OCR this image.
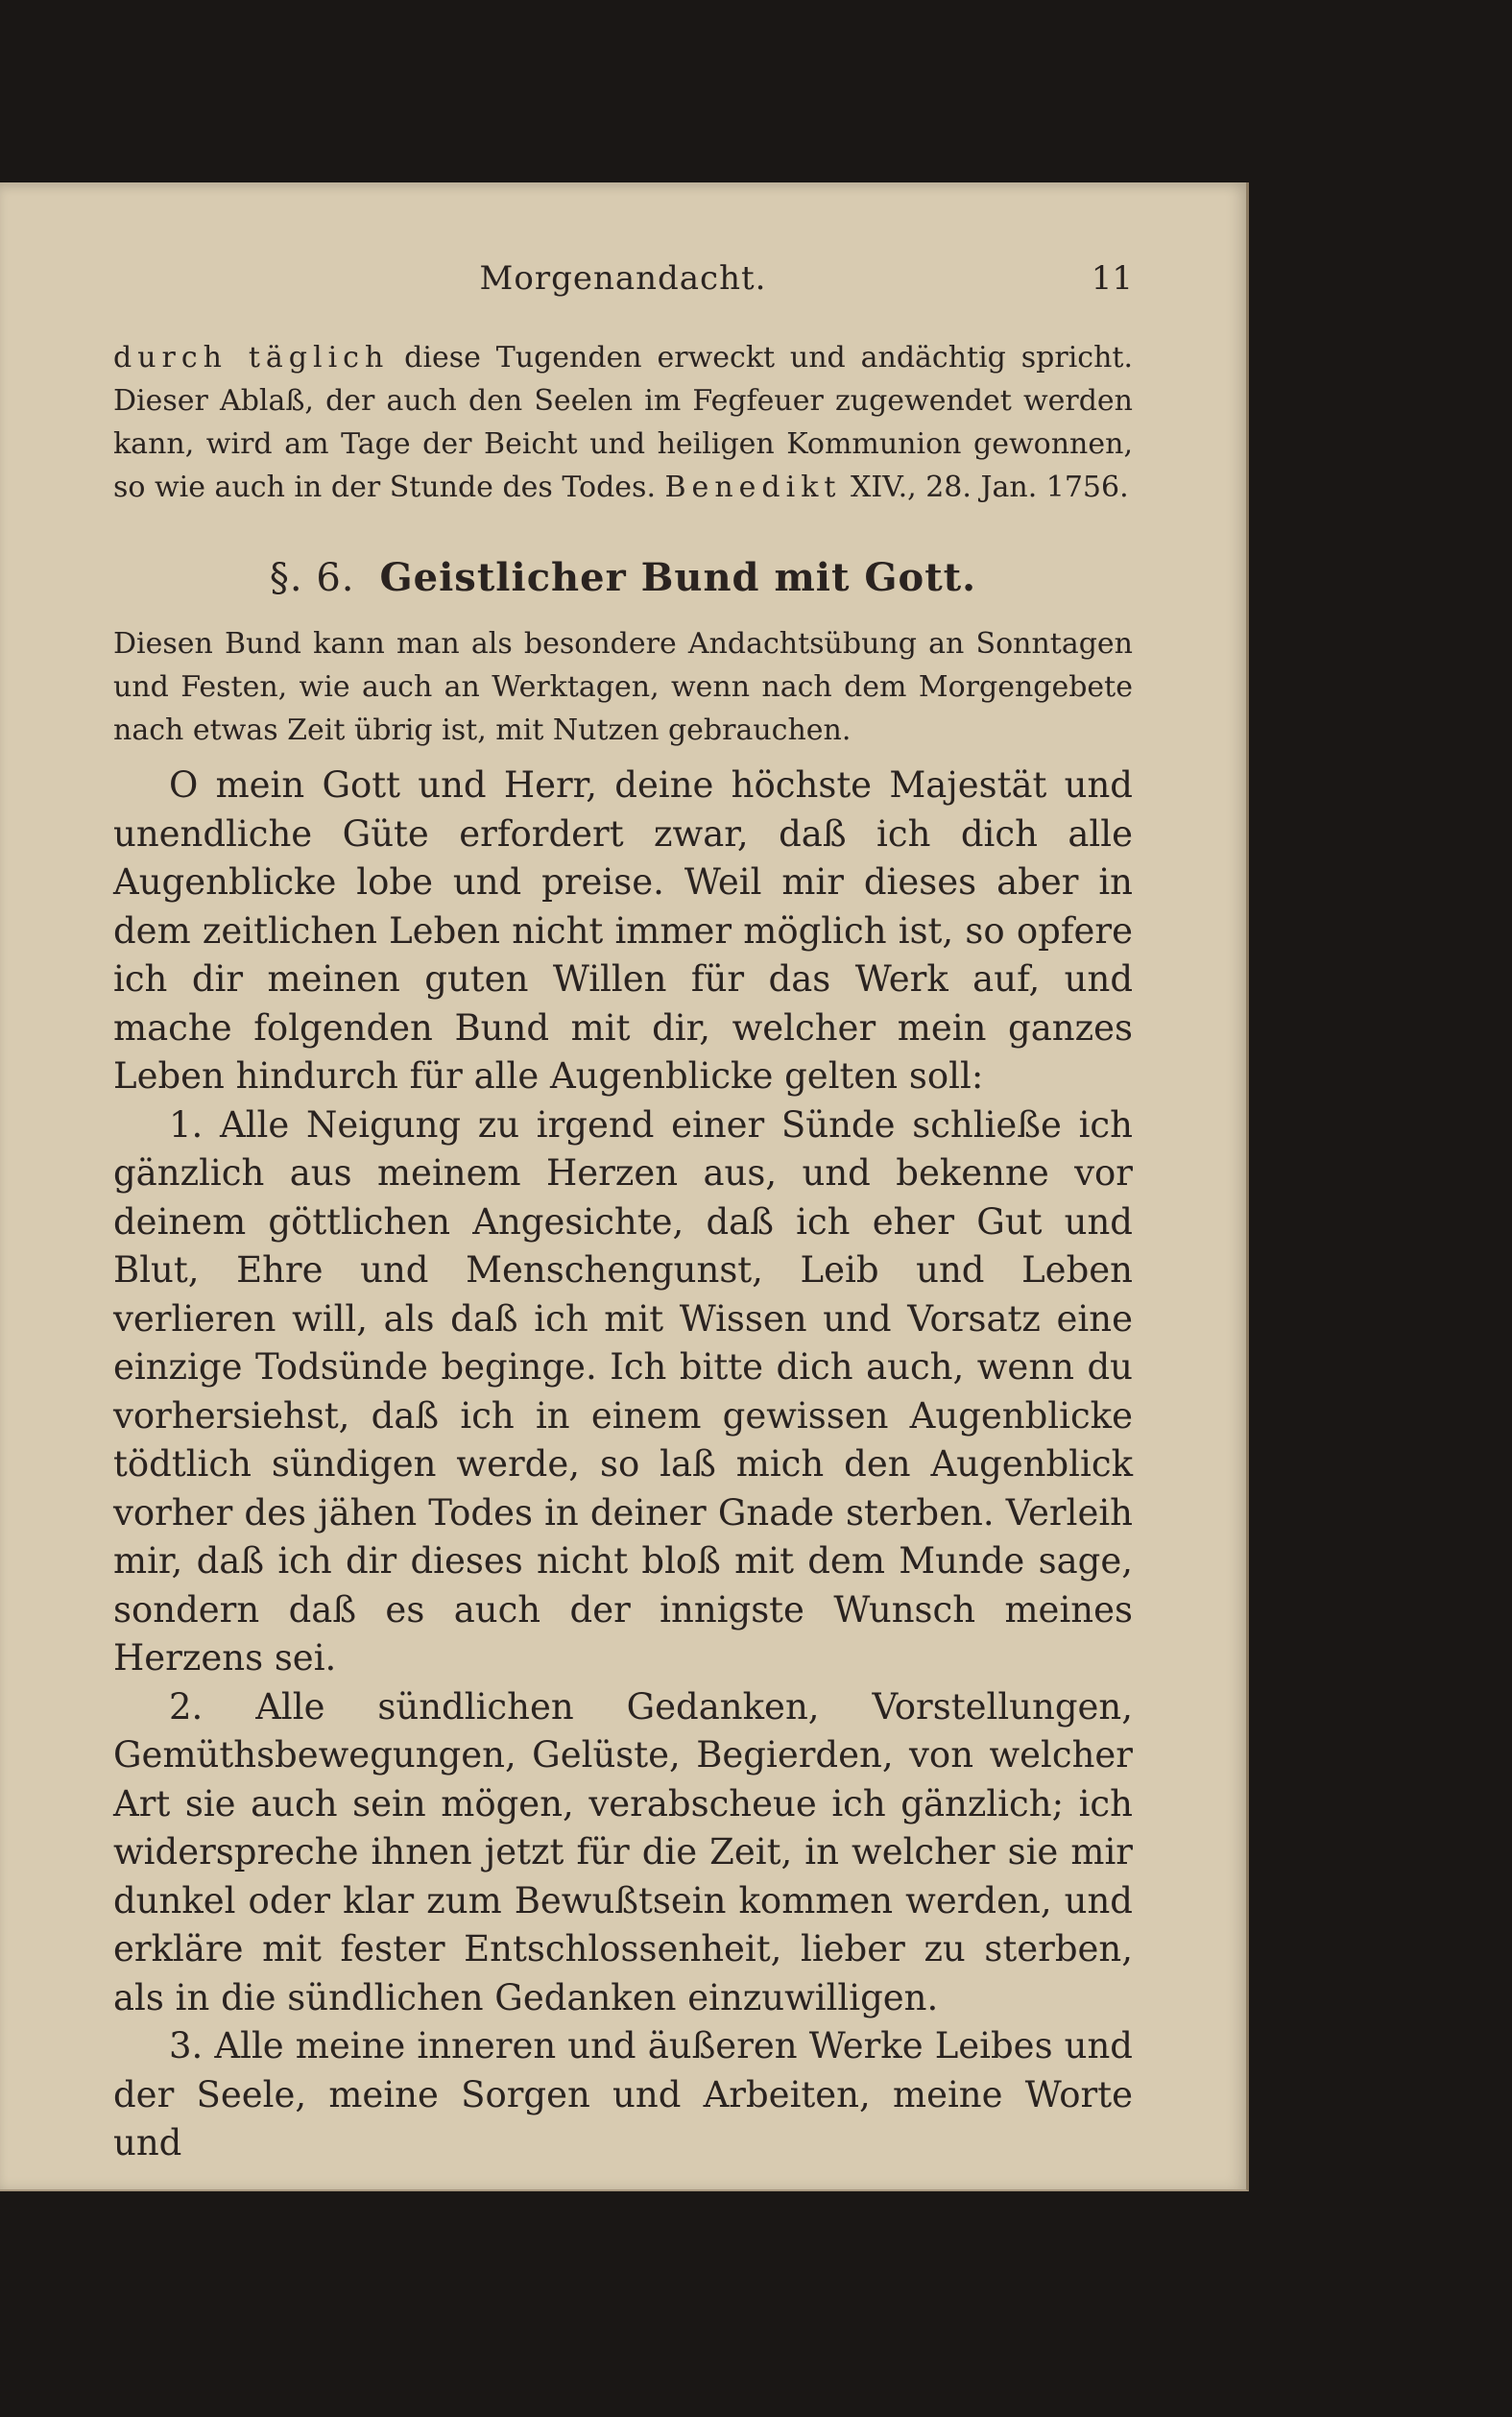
Morgenandacht.	11

durch täglich diese Tugenden erweckt und andächtig spricht. Dieser Ablaß, der auch den Seelen im Fegfeuer zugewendet werden kann, wird am Tage der Beicht und heiligen Kommunion gewonnen, so wie auch in der Stunde des Todes. Benedikt XIV., 28. Jan. 1756.

§. 6. Geistlicher Bund mit Gott.

Diesen Bund kann man als besondere Andachtsübung an Sonntagen und Festen, wie auch an Werktagen, wenn nach dem Morgengebete nach etwas Zeit übrig ist, mit Nutzen gebrauchen.

O mein Gott und Herr, deine höchste Majestät und unendliche Güte erfordert zwar, daß ich dich alle Augenblicke lobe und preise. Weil mir dieses aber in dem zeitlichen Leben nicht immer möglich ist, so opfere ich dir meinen guten Willen für das Werk auf, und mache folgenden Bund mit dir, welcher mein ganzes Leben hindurch für alle Augenblicke gelten soll:

1. Alle Neigung zu irgend einer Sünde schließe ich gänzlich aus meinem Herzen aus, und bekenne vor deinem göttlichen Angesichte, daß ich eher Gut und Blut, Ehre und Menschengunst, Leib und Leben verlieren will, als daß ich mit Wissen und Vorsatz eine einzige Todsünde beginge. Ich bitte dich auch, wenn du vorhersiehst, daß ich in einem gewissen Augenblicke tödtlich sündigen werde, so laß mich den Augenblick vorher des jähen Todes in deiner Gnade sterben. Verleih mir, daß ich dir dieses nicht bloß mit dem Munde sage, sondern daß es auch der innigste Wunsch meines Herzens sei.

2. Alle sündlichen Gedanken, Vorstellungen, Gemüthsbewegungen, Gelüste, Begierden, von welcher Art sie auch sein mögen, verabscheue ich gänzlich; ich widerspreche ihnen jetzt für die Zeit, in welcher sie mir dunkel oder klar zum Bewußtsein kommen werden, und erkläre mit fester Entschlossenheit, lieber zu sterben, als in die sündlichen Gedanken einzuwilligen.

3. Alle meine inneren und äußeren Werke Leibes und der Seele, meine Sorgen und Arbeiten, meine Worte und
